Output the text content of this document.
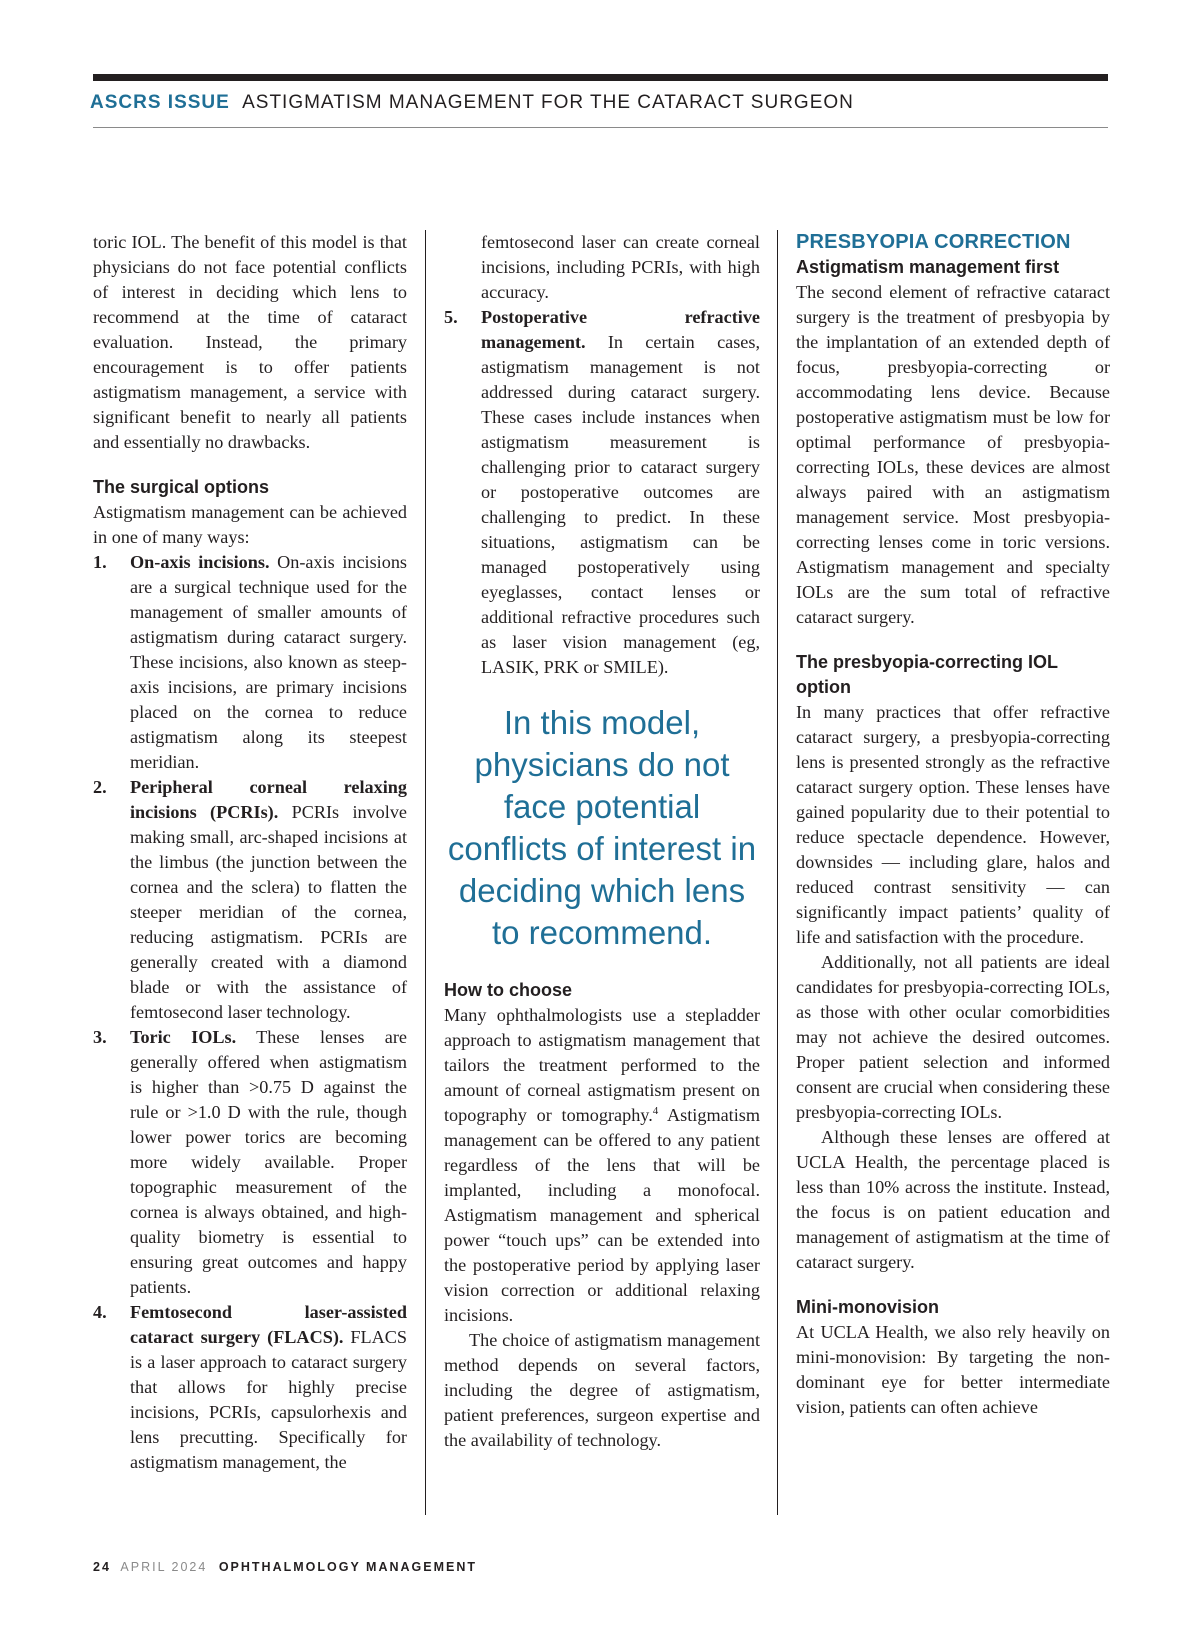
ASCRS ISSUE ASTIGMATISM MANAGEMENT FOR THE CATARACT SURGEON

toric IOL. The benefit of this model is that physicians do not face potential conflicts of interest in deciding which lens to recommend at the time of cataract evaluation. Instead, the primary encouragement is to offer patients astigmatism management, a service with significant benefit to nearly all patients and essentially no drawbacks.

The surgical options

Astigmatism management can be achieved in one of many ways:

1. On-axis incisions. On-axis incisions are a surgical technique used for the management of smaller amounts of astigmatism during cataract surgery. These incisions, also known as steep-axis incisions, are primary incisions placed on the cornea to reduce astigmatism along its steepest meridian.
2. Peripheral corneal relaxing incisions (PCRIs). PCRIs involve making small, arc-shaped incisions at the limbus (the junction between the cornea and the sclera) to flatten the steeper meridian of the cornea, reducing astigmatism. PCRIs are generally created with a diamond blade or with the assistance of femtosecond laser technology.
3. Toric IOLs. These lenses are generally offered when astigmatism is higher than >0.75 D against the rule or >1.0 D with the rule, though lower power torics are becoming more widely available. Proper topographic measurement of the cornea is always obtained, and high-quality biometry is essential to ensuring great outcomes and happy patients.
4. Femtosecond laser-assisted cataract surgery (FLACS). FLACS is a laser approach to cataract surgery that allows for highly precise incisions, PCRIs, capsulorhexis and lens precutting. Specifically for astigmatism management, the

femtosecond laser can create corneal incisions, including PCRIs, with high accuracy.

5. Postoperative refractive management. In certain cases, astigmatism management is not addressed during cataract surgery. These cases include instances when astigmatism measurement is challenging prior to cataract surgery or postoperative outcomes are challenging to predict. In these situations, astigmatism can be managed postoperatively using eyeglasses, contact lenses or additional refractive procedures such as laser vision management (eg, LASIK, PRK or SMILE).
In this model, physicians do not face potential conflicts of interest in deciding which lens to recommend.
How to choose

Many ophthalmologists use a stepladder approach to astigmatism management that tailors the treatment performed to the amount of corneal astigmatism present on topography or tomography.$^4$ Astigmatism management can be offered to any patient regardless of the lens that will be implanted, including a monofocal. Astigmatism management and spherical power “touch ups” can be extended into the postoperative period by applying laser vision correction or additional relaxing incisions.

The choice of astigmatism management method depends on several factors, including the degree of astigmatism, patient preferences, surgeon expertise and the availability of technology.

PRESBYOPIA CORRECTION
Astigmatism management first

The second element of refractive cataract surgery is the treatment of presbyopia by the implantation of an extended depth of focus, presbyopia-correcting or accommodating lens device. Because postoperative astigmatism must be low for optimal performance of presbyopia-correcting IOLs, these devices are almost always paired with an astigmatism management service. Most presbyopia-correcting lenses come in toric versions. Astigmatism management and specialty IOLs are the sum total of refractive cataract surgery.

The presbyopia-correcting IOL option

In many practices that offer refractive cataract surgery, a presbyopia-correcting lens is presented strongly as the refractive cataract surgery option. These lenses have gained popularity due to their potential to reduce spectacle dependence. However, downsides — including glare, halos and reduced contrast sensitivity — can significantly impact patients’ quality of life and satisfaction with the procedure.

Additionally, not all patients are ideal candidates for presbyopia-correcting IOLs, as those with other ocular comorbidities may not achieve the desired outcomes. Proper patient selection and informed consent are crucial when considering these presbyopia-correcting IOLs.

Although these lenses are offered at UCLA Health, the percentage placed is less than 10% across the institute. Instead, the focus is on patient education and management of astigmatism at the time of cataract surgery.

Mini-monovision

At UCLA Health, we also rely heavily on mini-monovision: By targeting the non-dominant eye for better intermediate vision, patients can often achieve

24 APRIL 2024 OPHTHALMOLOGY MANAGEMENT
